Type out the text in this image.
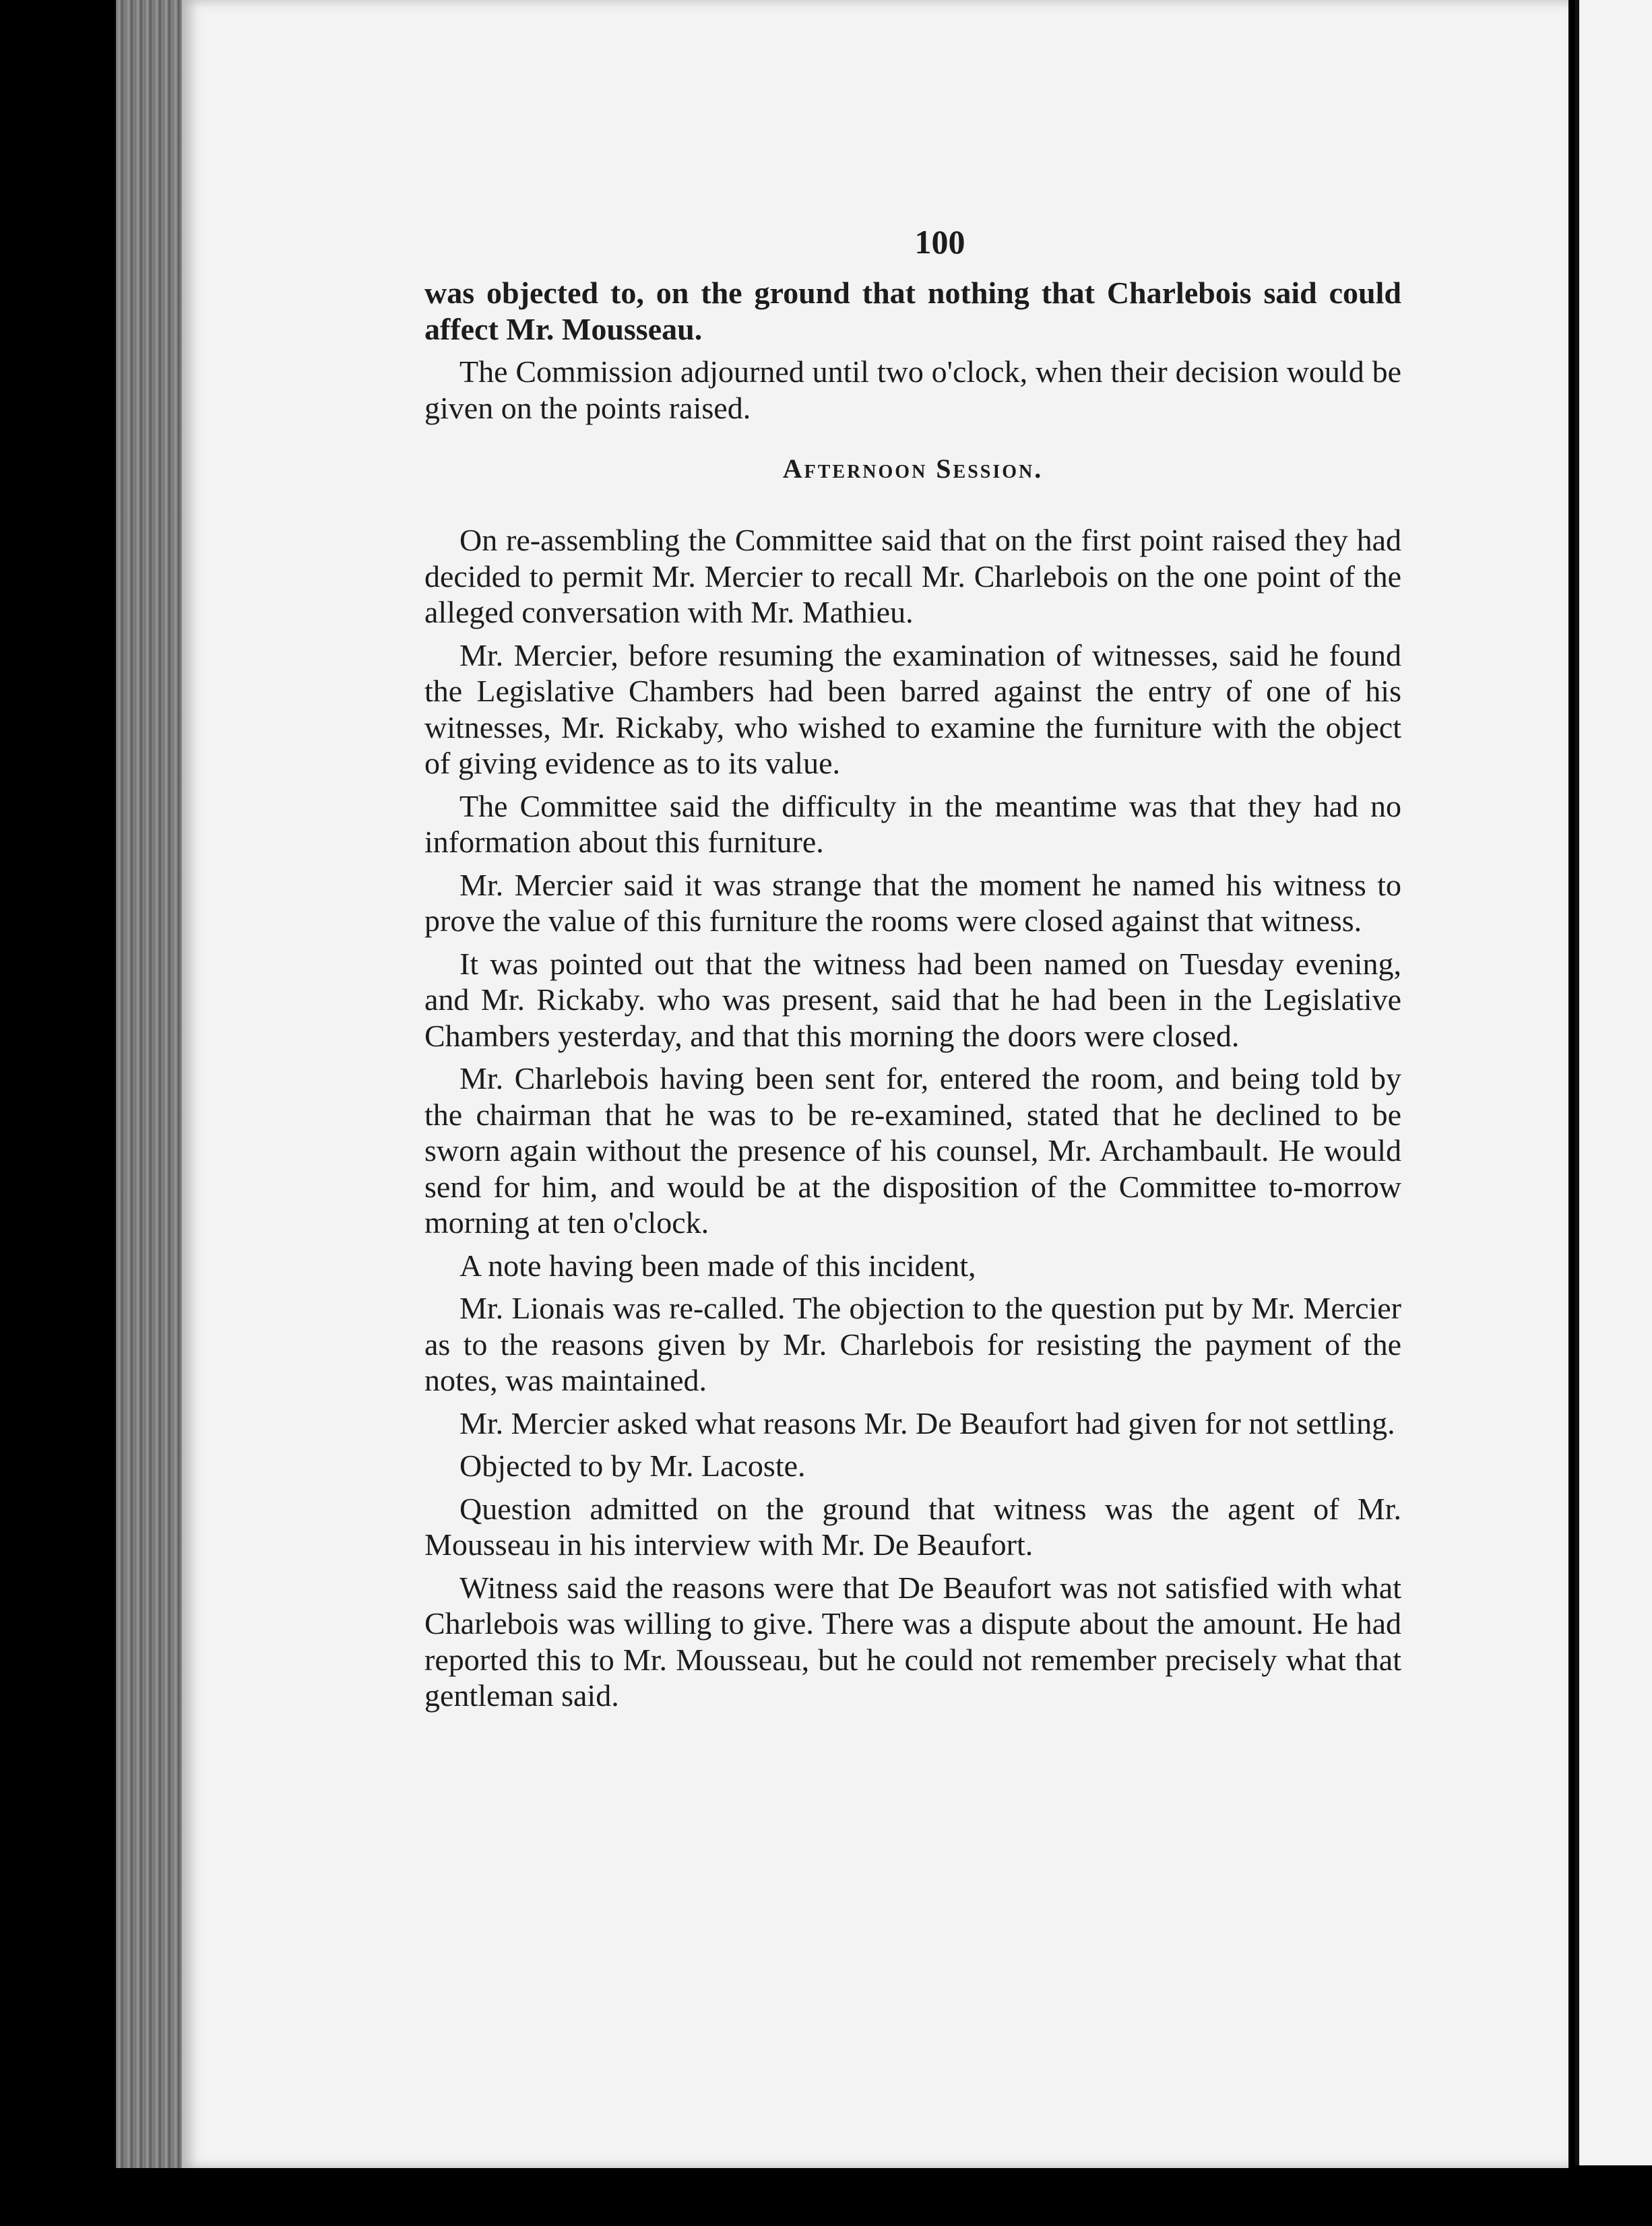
100

was objected to, on the ground that nothing that Charlebois said could affect Mr. Mousseau.

The Commission adjourned until two o'clock, when their decision would be given on the points raised.

Afternoon Session.

On re-assembling the Committee said that on the first point raised they had decided to permit Mr. Mercier to recall Mr. Charlebois on the one point of the alleged conversation with Mr. Mathieu.

Mr. Mercier, before resuming the examination of witnesses, said he found the Legislative Chambers had been barred against the entry of one of his witnesses, Mr. Rickaby, who wished to examine the furniture with the object of giving evidence as to its value.

The Committee said the difficulty in the meantime was that they had no information about this furniture.

Mr. Mercier said it was strange that the moment he named his witness to prove the value of this furniture the rooms were closed against that witness.

It was pointed out that the witness had been named on Tuesday evening, and Mr. Rickaby. who was present, said that he had been in the Legislative Chambers yesterday, and that this morning the doors were closed.

Mr. Charlebois having been sent for, entered the room, and being told by the chairman that he was to be re-examined, stated that he declined to be sworn again without the presence of his counsel, Mr. Archambault. He would send for him, and would be at the disposition of the Committee to-morrow morning at ten o'clock.

A note having been made of this incident,

Mr. Lionais was re-called. The objection to the question put by Mr. Mercier as to the reasons given by Mr. Charlebois for resisting the payment of the notes, was maintained.

Mr. Mercier asked what reasons Mr. De Beaufort had given for not settling.

Objected to by Mr. Lacoste.

Question admitted on the ground that witness was the agent of Mr. Mousseau in his interview with Mr. De Beaufort.

Witness said the reasons were that De Beaufort was not satisfied with what Charlebois was willing to give. There was a dispute about the amount. He had reported this to Mr. Mousseau, but he could not remember precisely what that gentleman said.
